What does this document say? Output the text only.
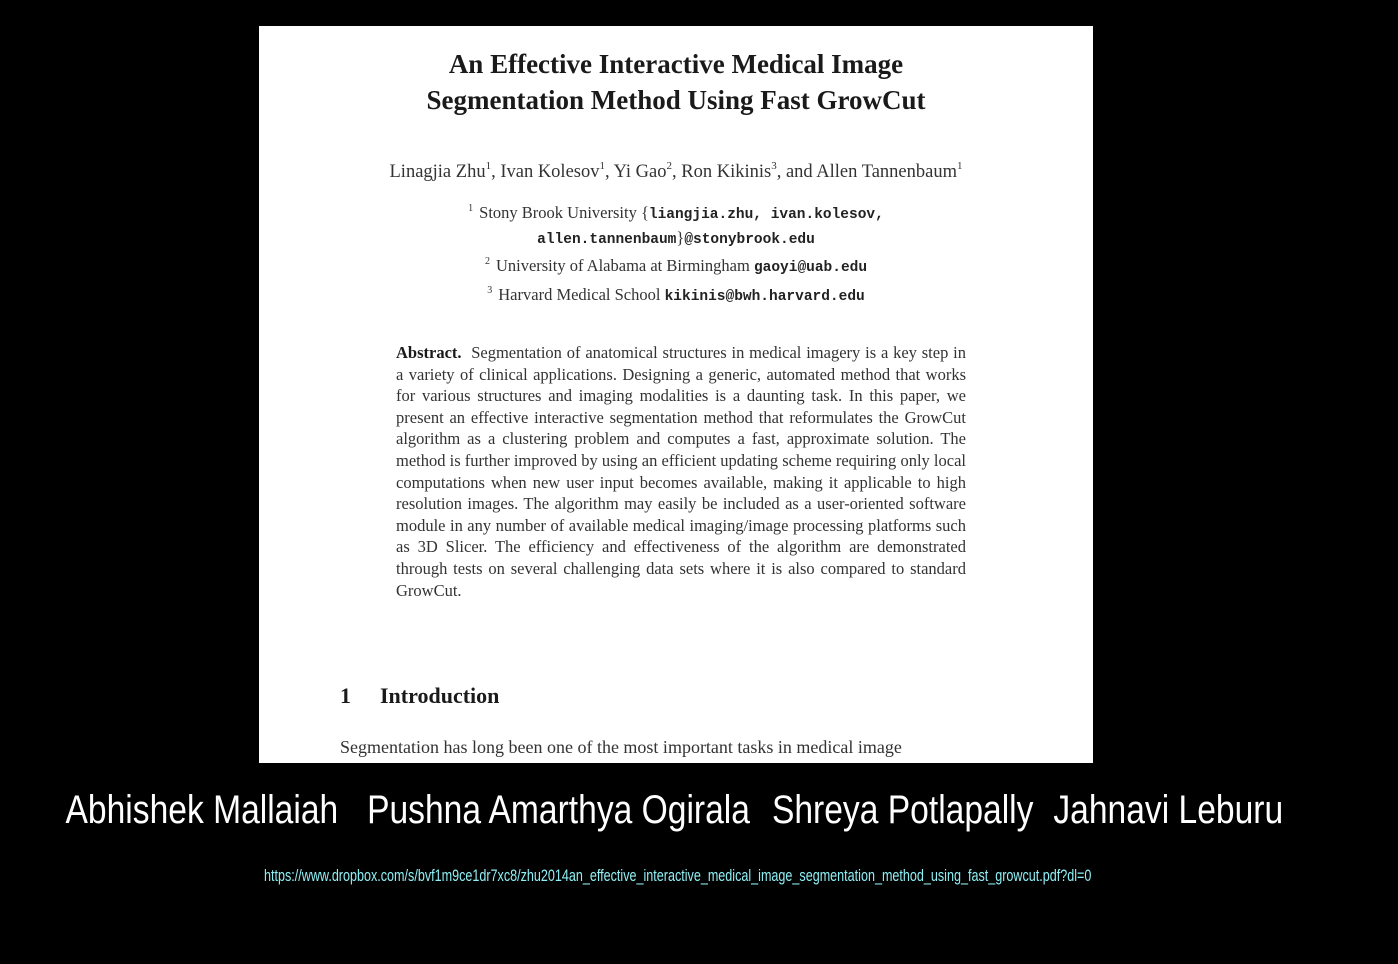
An Effective Interactive Medical Image
Segmentation Method Using Fast GrowCut
Linagjia Zhu$^1$, Ivan Kolesov$^1$, Yi Gao$^2$, Ron Kikinis$^3$, and Allen Tannenbaum$^1$
$^1$ Stony Brook University {liangjia.zhu, ivan.kolesov,
allen.tannenbaum}@stonybrook.edu
$^2$ University of Alabama at Birmingham gaoyi@uab.edu
$^3$ Harvard Medical School kikinis@bwh.harvard.edu

Abstract. Segmentation of anatomical structures in medical imagery is a key step in a variety of clinical applications. Designing a generic, automated method that works for various structures and imaging modalities is a daunting task. In this paper, we present an effective interactive segmentation method that reformulates the GrowCut algorithm as a clustering problem and computes a fast, approximate solution. The method is further improved by using an efficient updating scheme requiring only local computations when new user input becomes available, making it applicable to high resolution images. The algorithm may easily be included as a user-oriented software module in any number of available medical imaging/image processing platforms such as 3D Slicer. The efficiency and effectiveness of the algorithm are demonstrated through tests on several challenging data sets where it is also compared to standard GrowCut.

1 Introduction
Segmentation has long been one of the most important tasks in medical image
Abhishek Mallaiah Pushna Amarthya Ogirala Shreya Potlapally Jahnavi Leburu
https://www.dropbox.com/s/bvf1m9ce1dr7xc8/zhu2014an_effective_interactive_medical_image_segmentation_method_using_fast_growcut.pdf?dl=0
